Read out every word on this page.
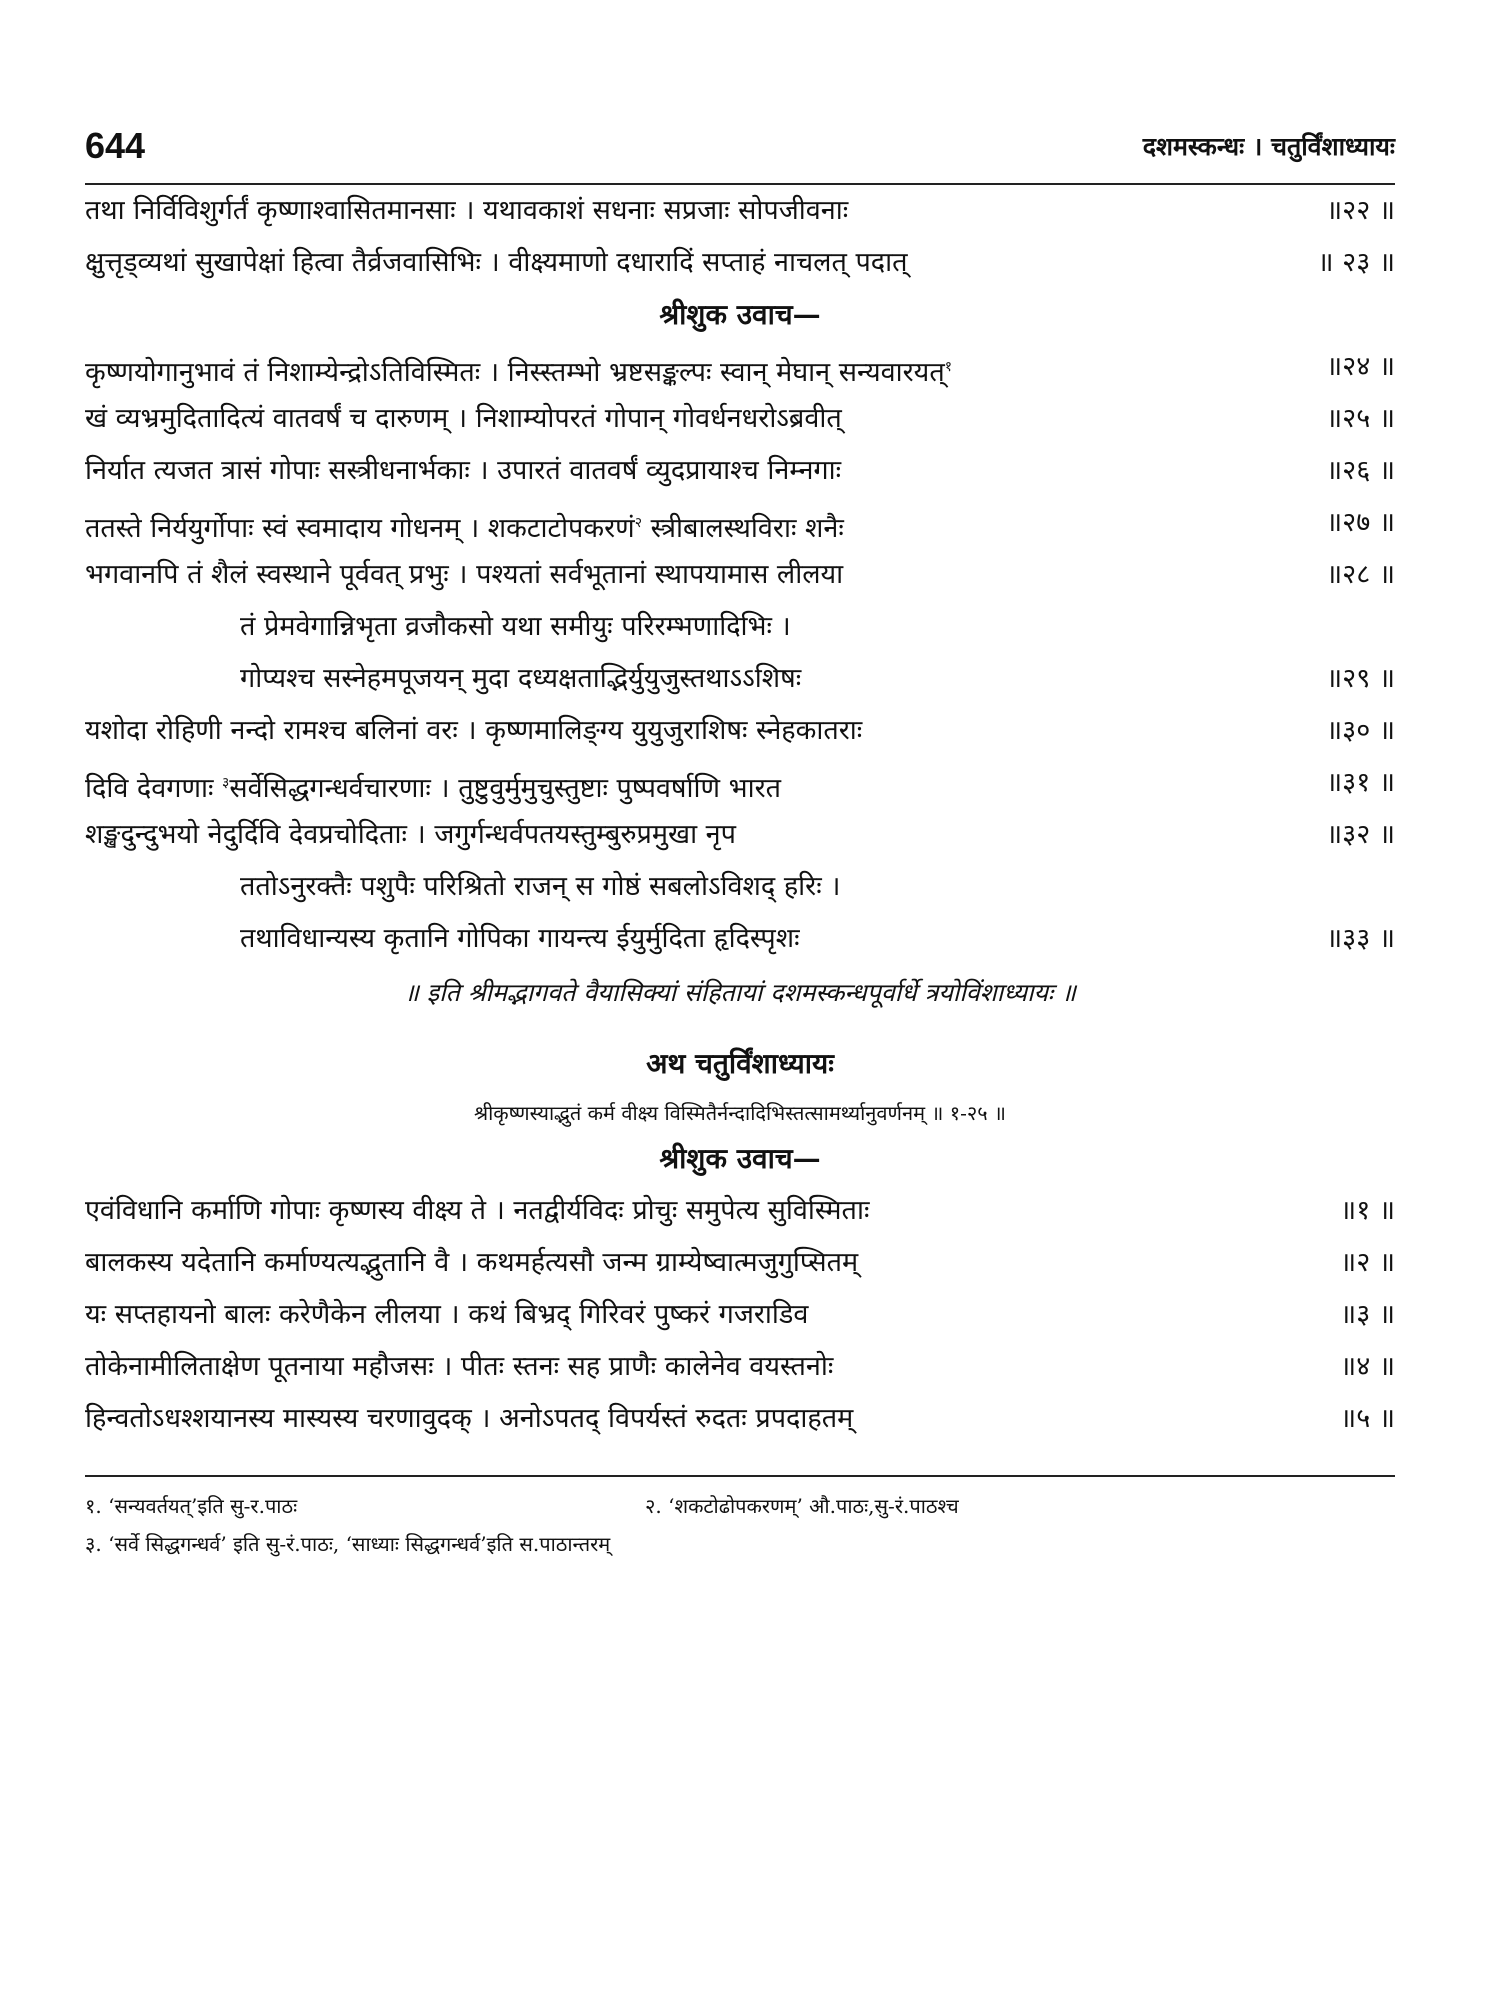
644	दशमस्कन्धः । चतुर्विंशाध्यायः
तथा निर्विविशुर्गर्तं कृष्णाश्वासितमानसाः । यथावकाशं सधनाः सप्रजाः सोपजीवनाः	॥२२ ॥
क्षुत्तृड्व्यथां सुखापेक्षां हित्वा तैर्व्रजवासिभिः । वीक्ष्यमाणो दधारादिं सप्ताहं नाचलत् पदात्	॥ २३ ॥
श्रीशुक उवाच—
कृष्णयोगानुभावं तं निशाम्येन्द्रोऽतिविस्मितः । निस्स्तम्भो भ्रष्टसङ्कल्पः स्वान् मेघान् सन्यवारयत्$^१$	॥२४ ॥
खं व्यभ्रमुदितादित्यं वातवर्षं च दारुणम् । निशाम्योपरतं गोपान् गोवर्धनधरोऽब्रवीत्	॥२५ ॥
निर्यात त्यजत त्रासं गोपाः सस्त्रीधनार्भकाः । उपारतं वातवर्षं व्युदप्रायाश्च निम्नगाः	॥२६ ॥
ततस्ते निर्ययुर्गोपाः स्वं स्वमादाय गोधनम् । शकटाटोपकरणं$^२$ स्त्रीबालस्थविराः शनैः	॥२७ ॥
भगवानपि तं शैलं स्वस्थाने पूर्ववत् प्रभुः । पश्यतां सर्वभूतानां स्थापयामास लीलया	॥२८ ॥
तं प्रेमवेगान्निभृता व्रजौकसो यथा समीयुः परिरम्भणादिभिः ।
गोप्यश्च सस्नेहमपूजयन् मुदा दध्यक्षताद्भिर्युयुजुस्तथाऽऽशिषः	॥२९ ॥
यशोदा रोहिणी नन्दो रामश्च बलिनां वरः । कृष्णमालिङ्ग्य युयुजुराशिषः स्नेहकातराः	॥३० ॥
दिवि देवगणाः $^३$सर्वेसिद्धगन्धर्वचारणाः । तुष्टुवुर्मुमुचुस्तुष्टाः पुष्पवर्षाणि भारत	॥३१ ॥
शङ्खदुन्दुभयो नेदुर्दिवि देवप्रचोदिताः । जगुर्गन्धर्वपतयस्तुम्बुरुप्रमुखा नृप	॥३२ ॥
ततोऽनुरक्तैः पशुपैः परिश्रितो राजन् स गोष्ठं सबलोऽविशद् हरिः ।
तथाविधान्यस्य कृतानि गोपिका गायन्त्य ईयुर्मुदिता हृदिस्पृशः	॥३३ ॥
॥ इति श्रीमद्भागवते वैयासिक्यां संहितायां दशमस्कन्धपूर्वार्धे त्रयोविंशाध्यायः ॥
अथ चतुर्विंशाध्यायः
श्रीकृष्णस्याद्भुतं कर्म वीक्ष्य विस्मितैर्नन्दादिभिस्तत्सामर्थ्यानुवर्णनम् ॥ १-२५ ॥
श्रीशुक उवाच—
एवंविधानि कर्माणि गोपाः कृष्णस्य वीक्ष्य ते । नतद्वीर्यविदः प्रोचुः समुपेत्य सुविस्मिताः	॥१ ॥
बालकस्य यदेतानि कर्माण्यत्यद्भुतानि वै । कथमर्हत्यसौ जन्म ग्राम्येष्वात्मजुगुप्सितम्	॥२ ॥
यः सप्तहायनो बालः करेणैकेन लीलया । कथं बिभ्रद् गिरिवरं पुष्करं गजराडिव	॥३ ॥
तोकेनामीलिताक्षेण पूतनाया महौजसः । पीतः स्तनः सह प्राणैः कालेनेव वयस्तनोः	॥४ ॥
हिन्वतोऽधश्शयानस्य मास्यस्य चरणावुदक् । अनोऽपतद् विपर्यस्तं रुदतः प्रपदाहतम्	॥५ ॥
१. ‘सन्यवर्तयत्’इति सु-र.पाठः	२. ‘शकटोढोपकरणम्’ औ.पाठः,सु-रं.पाठश्च
३. ‘सर्वे सिद्धगन्धर्व’ इति सु-रं.पाठः, ‘साध्याः सिद्धगन्धर्व’इति स.पाठान्तरम्
